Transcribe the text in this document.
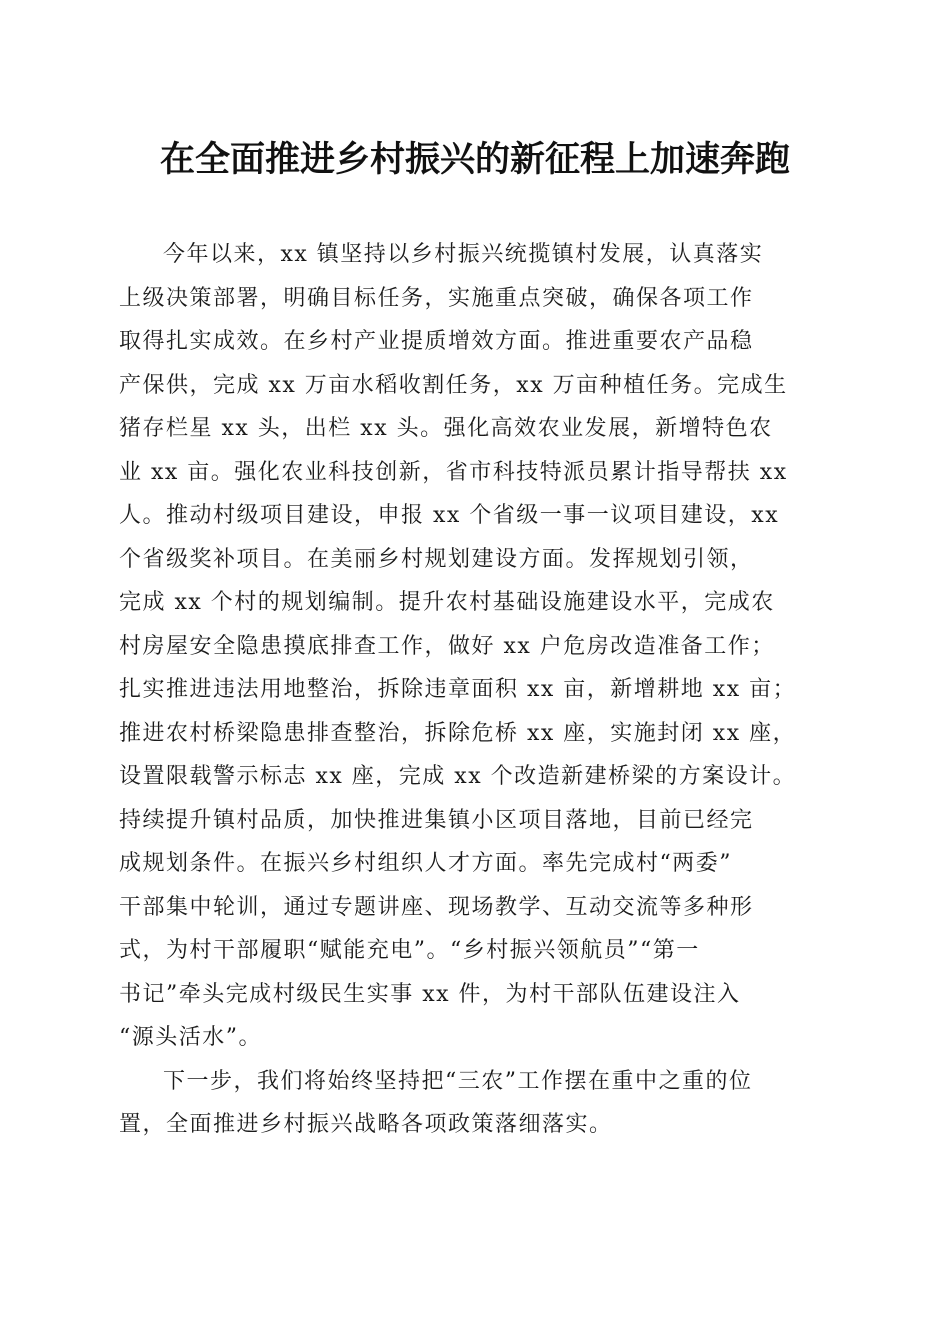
在全面推进乡村振兴的新征程上加速奔跑
今年以来，xx 镇坚持以乡村振兴统揽镇村发展，认真落实
上级决策部署，明确目标任务，实施重点突破，确保各项工作
取得扎实成效。在乡村产业提质增效方面。推进重要农产品稳
产保供，完成 xx 万亩水稻收割任务，xx 万亩种植任务。完成生
猪存栏星 xx 头，出栏 xx 头。强化高效农业发展，新增特色农
业 xx 亩。强化农业科技创新，省市科技特派员累计指导帮扶 xx
人。推动村级项目建设，申报 xx 个省级一事一议项目建设，xx
个省级奖补项目。在美丽乡村规划建设方面。发挥规划引领，
完成 xx 个村的规划编制。提升农村基础设施建设水平，完成农
村房屋安全隐患摸底排查工作，做好 xx 户危房改造准备工作；
扎实推进违法用地整治，拆除违章面积 xx 亩，新增耕地 xx 亩；
推进农村桥梁隐患排查整治，拆除危桥 xx 座，实施封闭 xx 座，
设置限载警示标志 xx 座，完成 xx 个改造新建桥梁的方案设计。
持续提升镇村品质，加快推进集镇小区项目落地，目前已经完
成规划条件。在振兴乡村组织人才方面。率先完成村“两委”
干部集中轮训，通过专题讲座、现场教学、互动交流等多种形
式，为村干部履职“赋能充电”。“乡村振兴领航员”“第一
书记”牵头完成村级民生实事 xx 件，为村干部队伍建设注入
“源头活水”。
下一步，我们将始终坚持把“三农”工作摆在重中之重的位
置，全面推进乡村振兴战略各项政策落细落实。
